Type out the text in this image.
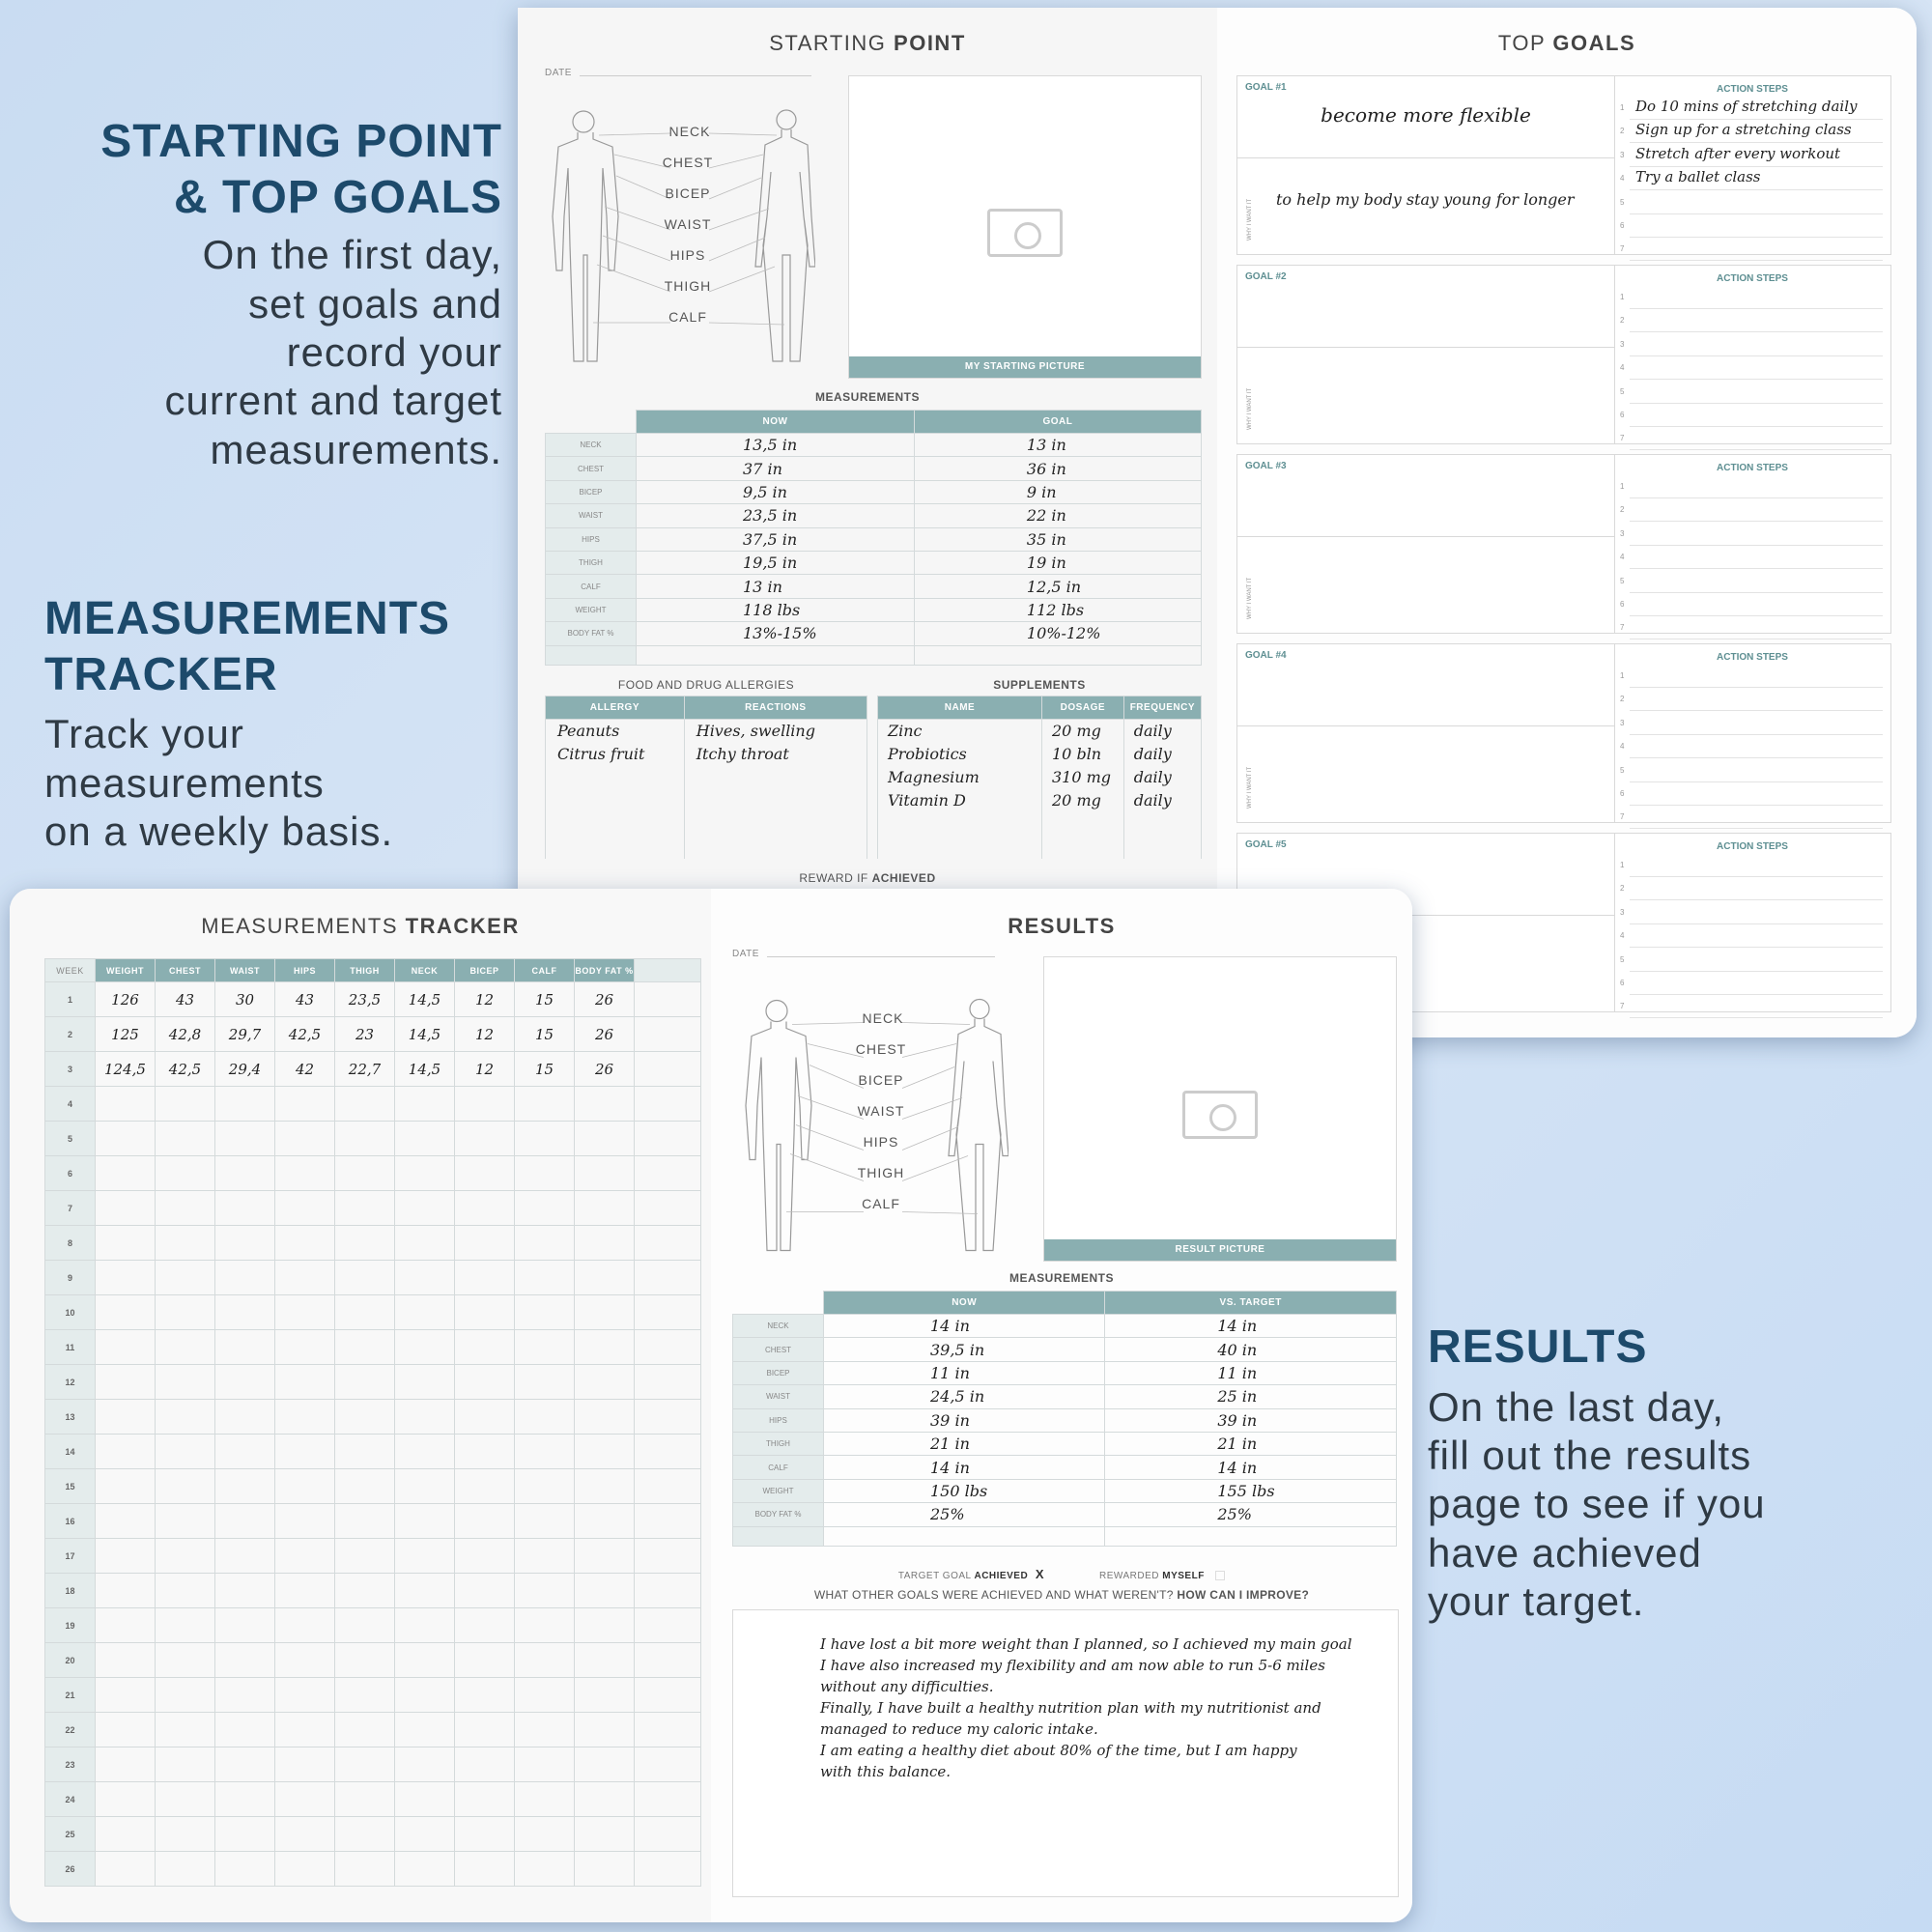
STARTING POINT
& TOP GOALS
On the first day,
set goals and
record your
current and target
measurements.
MEASUREMENTS
TRACKER
Track your
measurements
on a weekly basis.
RESULTS
On the last day,
fill out the results
page to see if you
have achieved
your target.
STARTING POINT
DATE
NECK
CHEST
BICEP
WAIST
HIPS
THIGH
CALF
MY STARTING PICTURE
MEASUREMENTS
	NOW	GOAL
NECK	13,5 in	13 in
CHEST	37 in	36 in
BICEP	9,5 in	9 in
WAIST	23,5 in	22 in
HIPS	37,5 in	35 in
THIGH	19,5 in	19 in
CALF	13 in	12,5 in
WEIGHT	118 lbs	112 lbs
BODY FAT %	13%-15%	10%-12%

FOOD AND DRUG ALLERGIES
ALLERGY	REACTIONS
Peanuts	Hives, swelling
Citrus fruit	Itchy throat

SUPPLEMENTS
NAME	DOSAGE	FREQUENCY
Zinc	20 mg	daily
Probiotics	10 bln	daily
Magnesium	310 mg	daily
Vitamin D	20 mg	daily

REWARD IF ACHIEVED
TOP GOALS
GOAL #1
become more flexible
WHY I WANT IT to help my body stay young for longer
ACTION STEPS
1 Do 10 mins of stretching daily
2 Sign up for a stretching class
3 Stretch after every workout
4 Try a ballet class
5
6
7
GOAL #2
WHY I WANT IT
ACTION STEPS
1
2
3
4
5
6
7
GOAL #3
WHY I WANT IT
ACTION STEPS
1
2
3
4
5
6
7
GOAL #4
WHY I WANT IT
ACTION STEPS
1
2
3
4
5
6
7
GOAL #5	ACTION STEPS
1
2
3
4
5
6
7
MEASUREMENTS TRACKER
WEEK	WEIGHT	CHEST	WAIST	HIPS	THIGH	NECK	BICEP	CALF	BODY FAT %	
1	126	43	30	43	23,5	14,5	12	15	26	
2	125	42,8	29,7	42,5	23	14,5	12	15	26	
3	124,5	42,5	29,4	42	22,7	14,5	12	15	26	
4										
5										
6										
7										
8										
9										
10										
11										
12										
13										
14										
15										
16										
17										
18										
19										
20										
21										
22										
23										
24										
25										
26										
RESULTS
DATE
NECK
CHEST
BICEP
WAIST
HIPS
THIGH
CALF
RESULT PICTURE
MEASUREMENTS
	NOW	VS. TARGET
NECK	14 in	14 in
CHEST	39,5 in	40 in
BICEP	11 in	11 in
WAIST	24,5 in	25 in
HIPS	39 in	39 in
THIGH	21 in	21 in
CALF	14 in	14 in
WEIGHT	150 lbs	155 lbs
BODY FAT %	25%	25%

TARGET GOAL ACHIEVED X	REWARDED MYSELF
WHAT OTHER GOALS WERE ACHIEVED AND WHAT WEREN'T? HOW CAN I IMPROVE?
I have lost a bit more weight than I planned, so I achieved my main goal
I have also increased my flexibility and am now able to run 5-6 miles
without any difficulties.
Finally, I have built a healthy nutrition plan with my nutritionist and
managed to reduce my caloric intake.
I am eating a healthy diet about 80% of the time, but I am happy
with this balance.
